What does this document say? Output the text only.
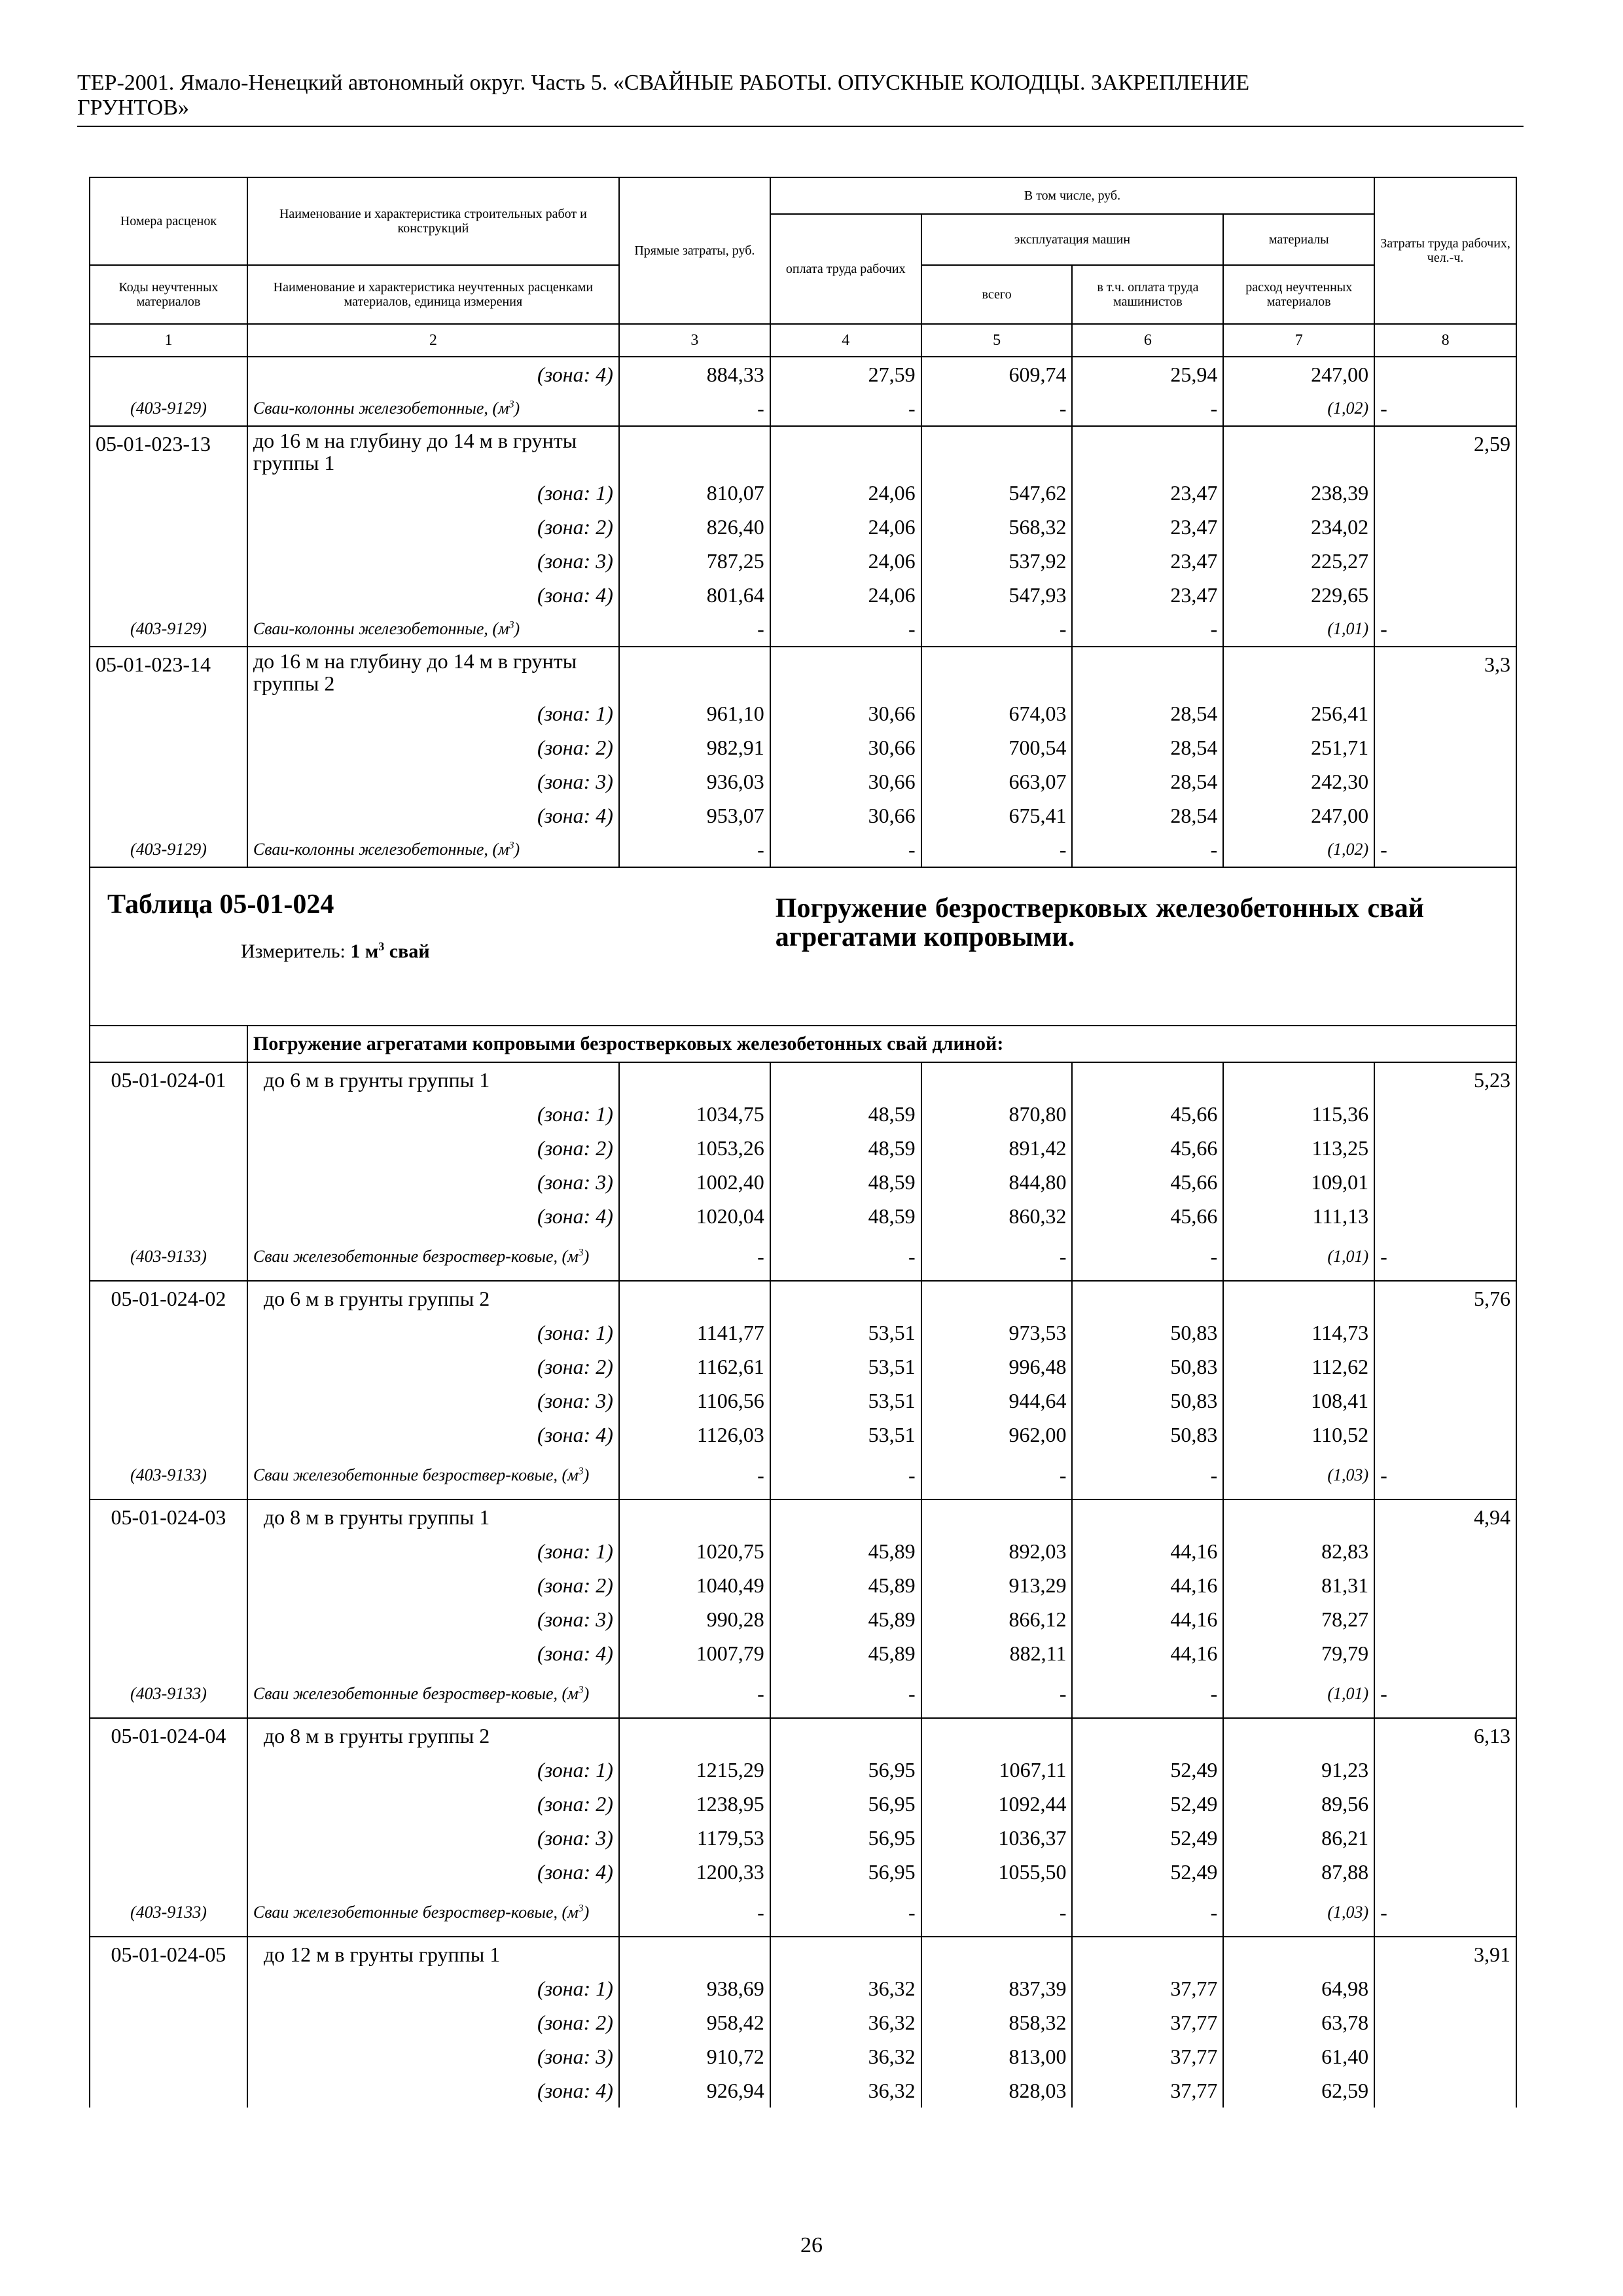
ТЕР-2001. Ямало-Ненецкий автономный округ. Часть 5. «СВАЙНЫЕ РАБОТЫ. ОПУСКНЫЕ КОЛОДЦЫ. ЗАКРЕПЛЕНИЕ
ГРУНТОВ»
Номера расценок	Наименование и характеристика строительных работ и конструкций	Прямые затраты, руб.	В том числе, руб.				Затраты труда рабочих, чел.-ч.
			оплата труда рабочих	эксплуатация машин		материалы	
Коды неучтенных материалов	Наименование и характеристика неучтенных расценками материалов, единица измерения			всего	в т.ч. оплата труда машинистов	расход неучтенных материалов	
1	2	3	4	5	6	7	8
	(зона: 4)	884,33	27,59	609,74	25,94	247,00	
(403-9129)	Сваи-колонны железобетонные, $(м^3)$	-	-	-	-	(1,02)	-
05-01-023-13	до 16 м на глубину до 14 м в грунты группы 1						2,59
	(зона: 1)	810,07	24,06	547,62	23,47	238,39	
	(зона: 2)	826,40	24,06	568,32	23,47	234,02	
	(зона: 3)	787,25	24,06	537,92	23,47	225,27	
	(зона: 4)	801,64	24,06	547,93	23,47	229,65	
(403-9129)	Сваи-колонны железобетонные, $(м^3)$	-	-	-	-	(1,01)	-
05-01-023-14	до 16 м на глубину до 14 м в грунты группы 2						3,3
	(зона: 1)	961,10	30,66	674,03	28,54	256,41	
	(зона: 2)	982,91	30,66	700,54	28,54	251,71	
	(зона: 3)	936,03	30,66	663,07	28,54	242,30	
	(зона: 4)	953,07	30,66	675,41	28,54	247,00	
(403-9129)	Сваи-колонны железобетонные, $(м^3)$	-	-	-	-	(1,02)	-

Таблица 05-01-024
Измеритель: 1 $м^3$ свай			Погружение безростверковых железобетонных свай агрегатами копровыми.				

	Погружение агрегатами копровыми безростверковых железобетонных свай длиной:						
05-01-024-01	до 6 м в грунты группы 1						5,23
	(зона: 1)	1034,75	48,59	870,80	45,66	115,36	
	(зона: 2)	1053,26	48,59	891,42	45,66	113,25	
	(зона: 3)	1002,40	48,59	844,80	45,66	109,01	
	(зона: 4)	1020,04	48,59	860,32	45,66	111,13	
(403-9133)	Сваи железобетонные безроствер-ковые, $(м^3)$	-	-	-	-	(1,01)	-
05-01-024-02	до 6 м в грунты группы 2						5,76
	(зона: 1)	1141,77	53,51	973,53	50,83	114,73	
	(зона: 2)	1162,61	53,51	996,48	50,83	112,62	
	(зона: 3)	1106,56	53,51	944,64	50,83	108,41	
	(зона: 4)	1126,03	53,51	962,00	50,83	110,52	
(403-9133)	Сваи железобетонные безроствер-ковые, $(м^3)$	-	-	-	-	(1,03)	-
05-01-024-03	до 8 м в грунты группы 1						4,94
	(зона: 1)	1020,75	45,89	892,03	44,16	82,83	
	(зона: 2)	1040,49	45,89	913,29	44,16	81,31	
	(зона: 3)	990,28	45,89	866,12	44,16	78,27	
	(зона: 4)	1007,79	45,89	882,11	44,16	79,79	
(403-9133)	Сваи железобетонные безроствер-ковые, $(м^3)$	-	-	-	-	(1,01)	-
05-01-024-04	до 8 м в грунты группы 2						6,13
	(зона: 1)	1215,29	56,95	1067,11	52,49	91,23	
	(зона: 2)	1238,95	56,95	1092,44	52,49	89,56	
	(зона: 3)	1179,53	56,95	1036,37	52,49	86,21	
	(зона: 4)	1200,33	56,95	1055,50	52,49	87,88	
(403-9133)	Сваи железобетонные безроствер-ковые, $(м^3)$	-	-	-	-	(1,03)	-
05-01-024-05	до 12 м в грунты группы 1						3,91
	(зона: 1)	938,69	36,32	837,39	37,77	64,98	
	(зона: 2)	958,42	36,32	858,32	37,77	63,78	
	(зона: 3)	910,72	36,32	813,00	37,77	61,40	
	(зона: 4)	926,94	36,32	828,03	37,77	62,59	
26
